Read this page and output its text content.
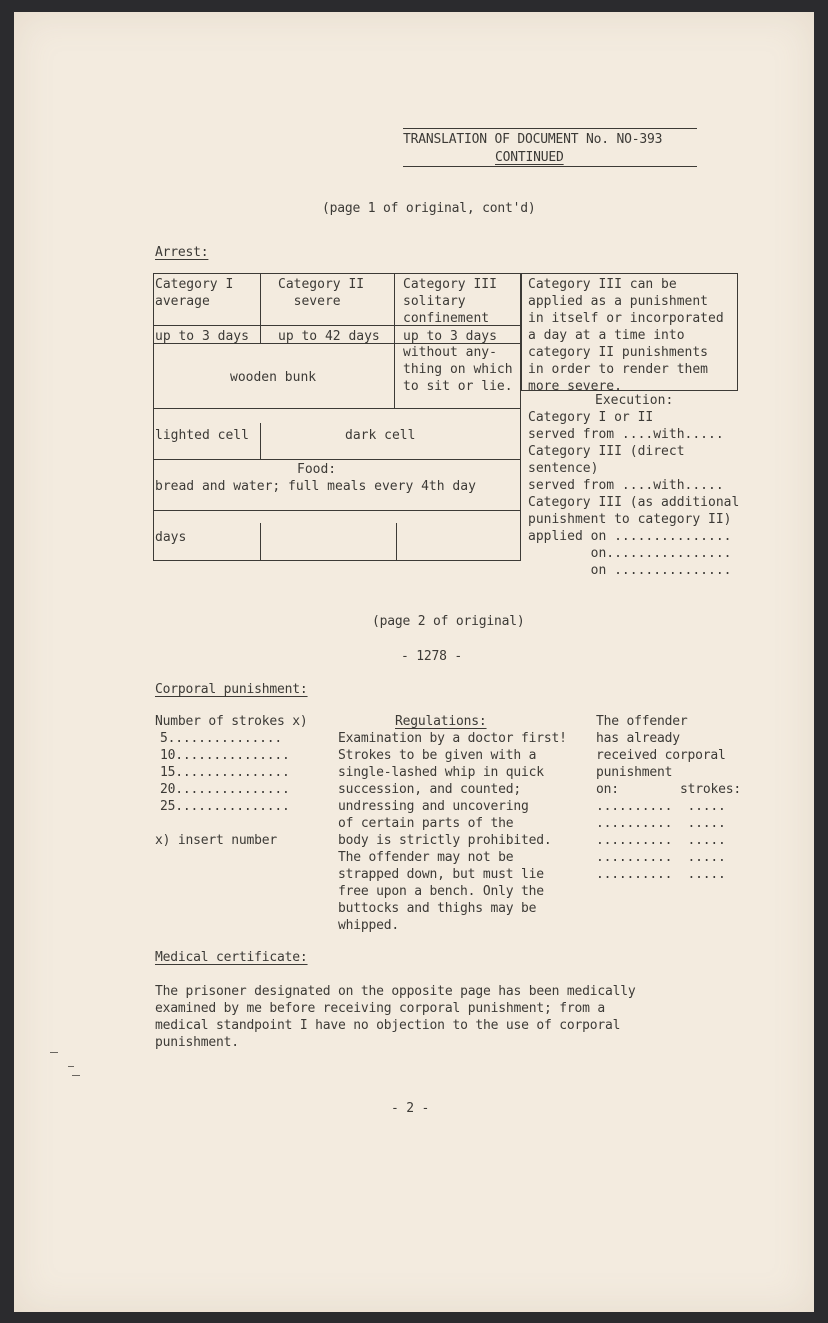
TRANSLATION OF DOCUMENT No. NO-393
CONTINUED
(page 1 of original, cont'd)
Arrest:
Category I
average
Category II
severe
Category III
solitary
confinement
up to 3 days up to 42 days up to 3 days
wooden bunk
without any-
thing on which
to sit or lie.
lighted cell	dark cell
Food:
bread and water; full meals every 4th day
days
Category III can be
applied as a punishment
in itself or incorporated
a day at a time into
category II punishments
in order to render them
more severe.
Execution:
Category I or II
served from ....with.....
Category III (direct
sentence)
served from ....with.....
Category III (as additional
punishment to category II)
applied on ...............
on................
on ...............
(page 2 of original)
- 1278 -
Corporal punishment:
Number of strokes x)
5...............
10...............
15...............
20...............
25...............
x) insert number
Regulations:
Examination by a doctor first!
Strokes to be given with a
single-lashed whip in quick
succession, and counted;
undressing and uncovering
of certain parts of the
body is strictly prohibited.
The offender may not be
strapped down, but must lie
free upon a bench. Only the
buttocks and thighs may be
whipped.
The offender
has already
received corporal
punishment
on:	strokes:
..........  .....
..........  .....
..........  .....
..........  .....
..........  .....
Medical certificate:
The prisoner designated on the opposite page has been medically
examined by me before receiving corporal punishment; from a
medical standpoint I have no objection to the use of corporal
punishment.
- 2 -
